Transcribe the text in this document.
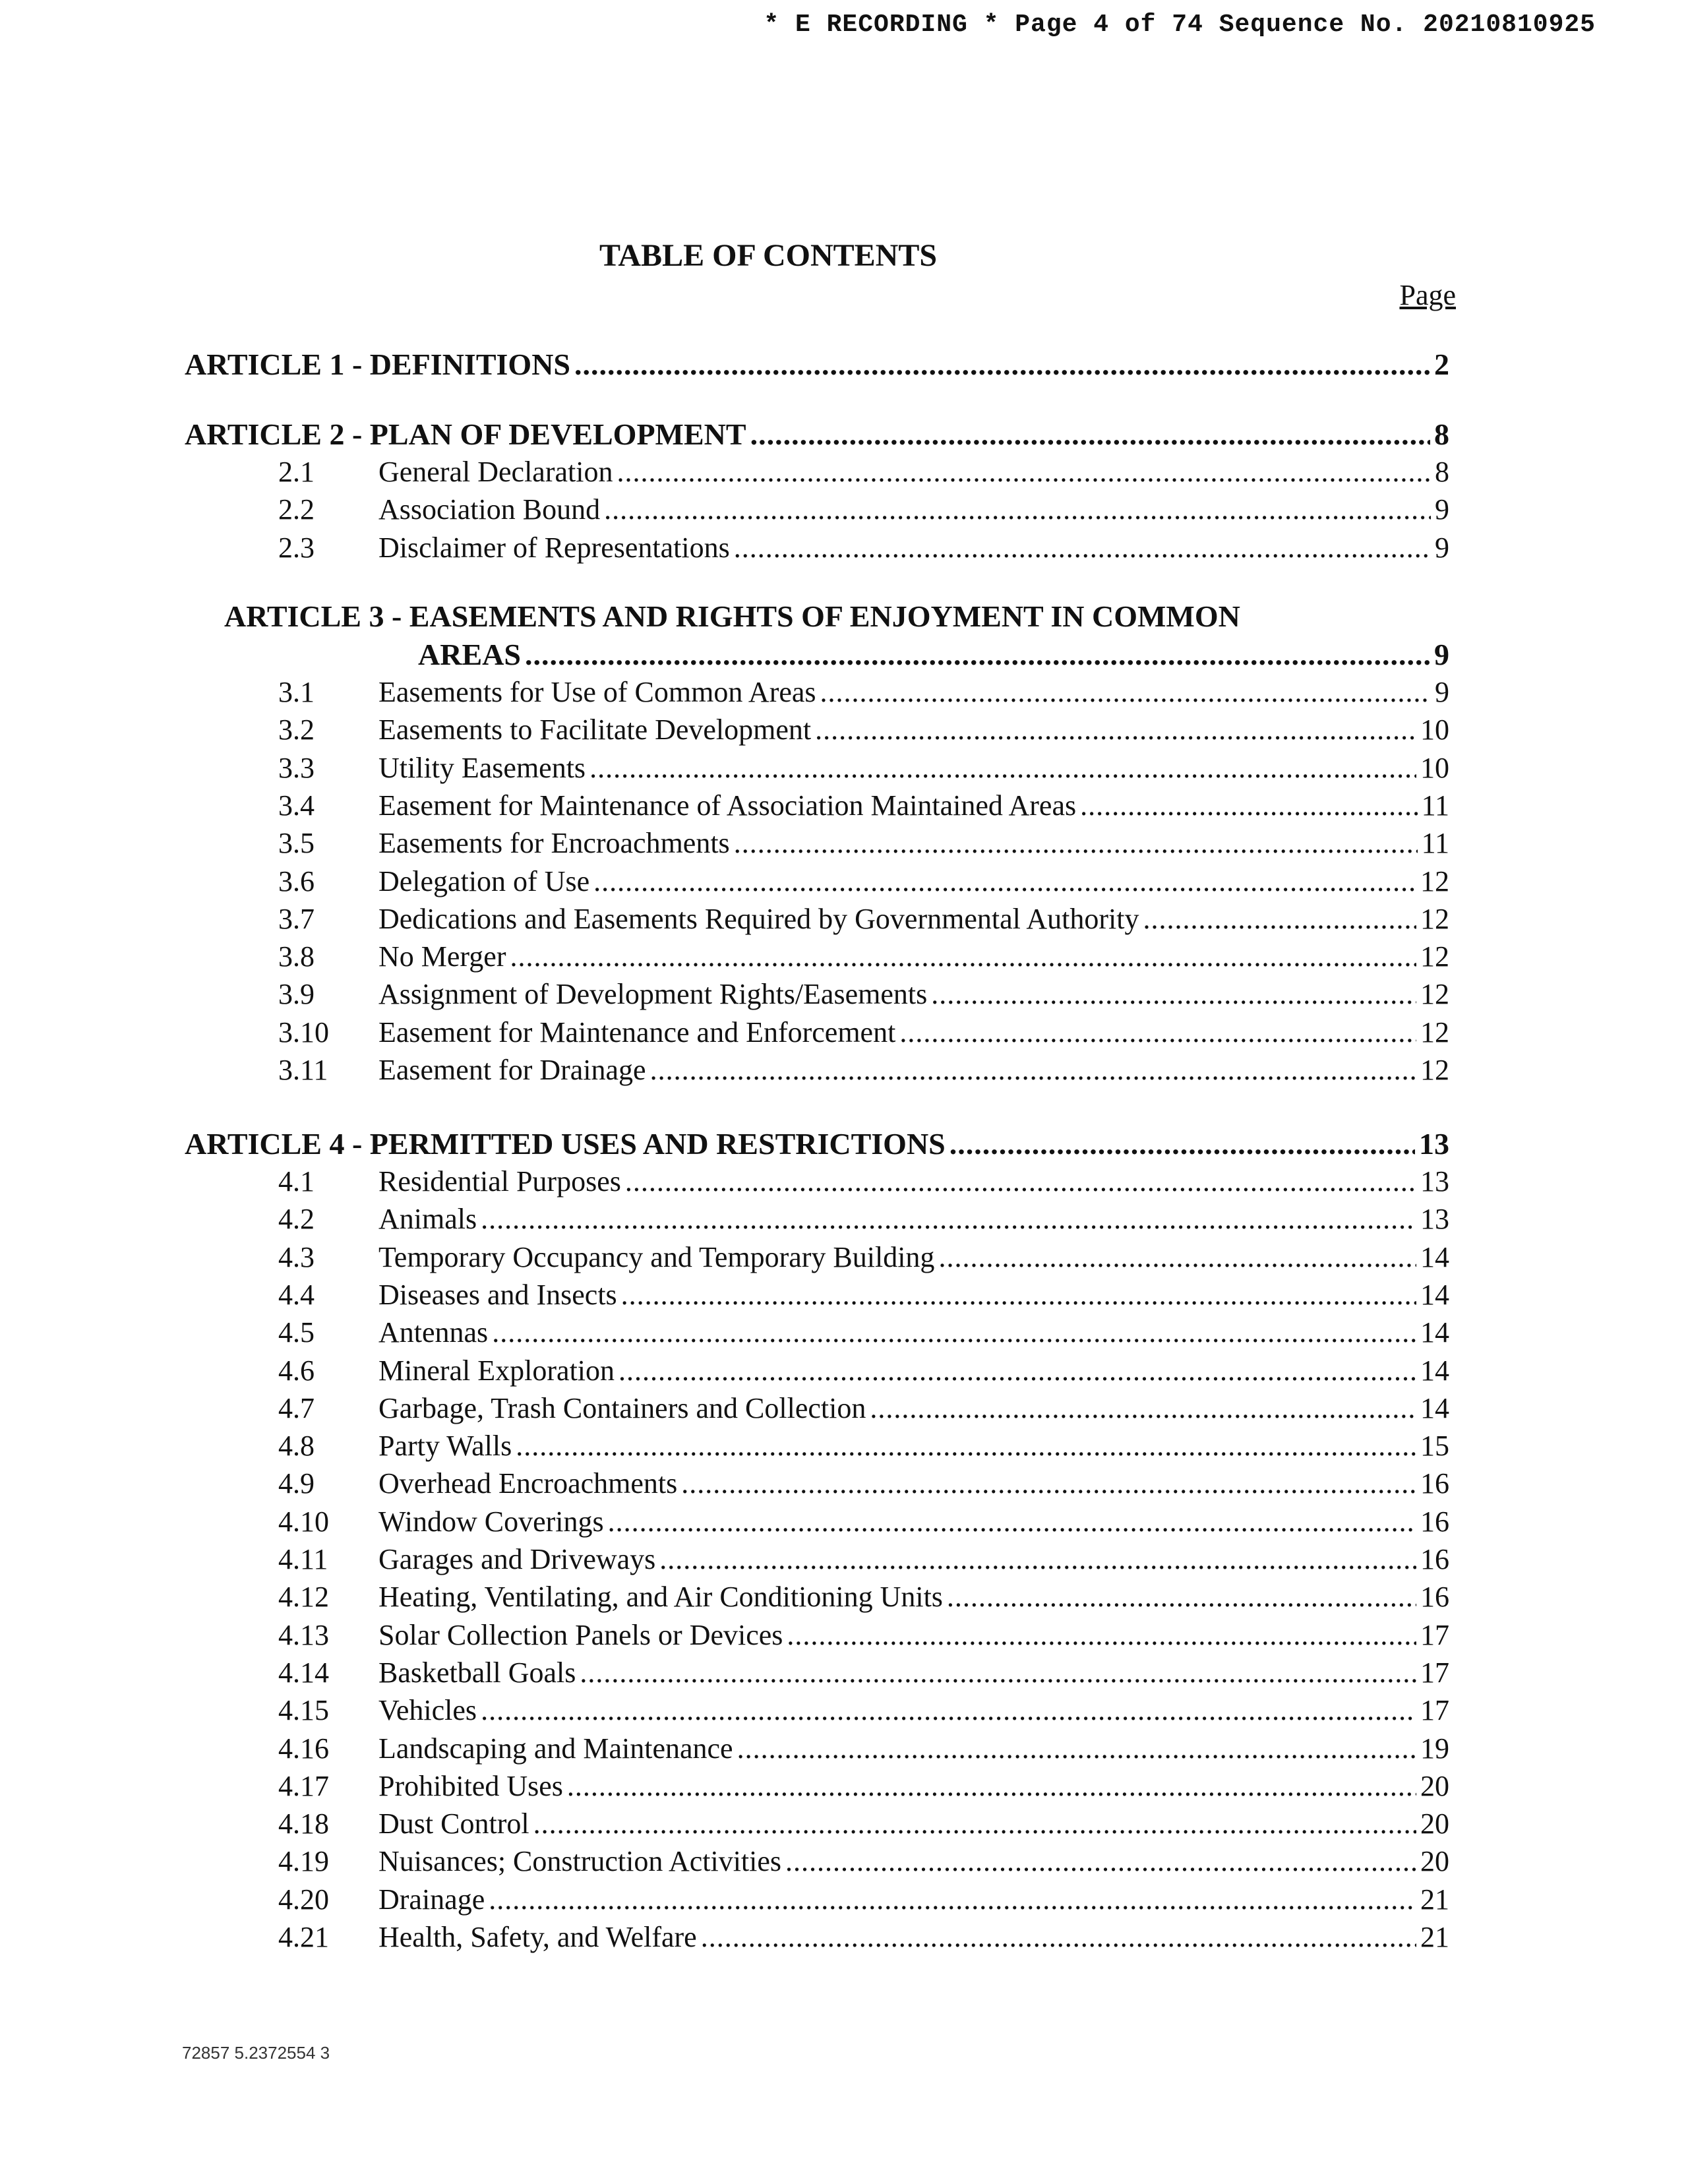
* E RECORDING * Page 4 of 74 Sequence No. 20210810925
TABLE OF CONTENTS
Page
ARTICLE 1 - DEFINITIONS .....	2
ARTICLE 2 - PLAN OF DEVELOPMENT .....	8
2.1 General Declaration .....	8
2.2 Association Bound .....	9
2.3 Disclaimer of Representations .....	9
ARTICLE 3 - EASEMENTS AND RIGHTS OF ENJOYMENT IN COMMON
AREAS .....	9
3.1 Easements for Use of Common Areas .....	9
3.2 Easements to Facilitate Development .....	10
3.3 Utility Easements .....	10
3.4 Easement for Maintenance of Association Maintained Areas .....	11
3.5 Easements for Encroachments .....	11
3.6 Delegation of Use .....	12
3.7 Dedications and Easements Required by Governmental Authority .....	12
3.8 No Merger .....	12
3.9 Assignment of Development Rights/Easements .....	12
3.10 Easement for Maintenance and Enforcement .....	12
3.11 Easement for Drainage .....	12
ARTICLE 4 - PERMITTED USES AND RESTRICTIONS .....	13
4.1 Residential Purposes .....	13
4.2 Animals .....	13
4.3 Temporary Occupancy and Temporary Building .....	14
4.4 Diseases and Insects .....	14
4.5 Antennas .....	14
4.6 Mineral Exploration .....	14
4.7 Garbage, Trash Containers and Collection .....	14
4.8 Party Walls .....	15
4.9 Overhead Encroachments .....	16
4.10 Window Coverings .....	16
4.11 Garages and Driveways .....	16
4.12 Heating, Ventilating, and Air Conditioning Units .....	16
4.13 Solar Collection Panels or Devices .....	17
4.14 Basketball Goals .....	17
4.15 Vehicles .....	17
4.16 Landscaping and Maintenance .....	19
4.17 Prohibited Uses .....	20
4.18 Dust Control .....	20
4.19 Nuisances; Construction Activities .....	20
4.20 Drainage .....	21
4.21 Health, Safety, and Welfare .....	21
72857 5.2372554 3
